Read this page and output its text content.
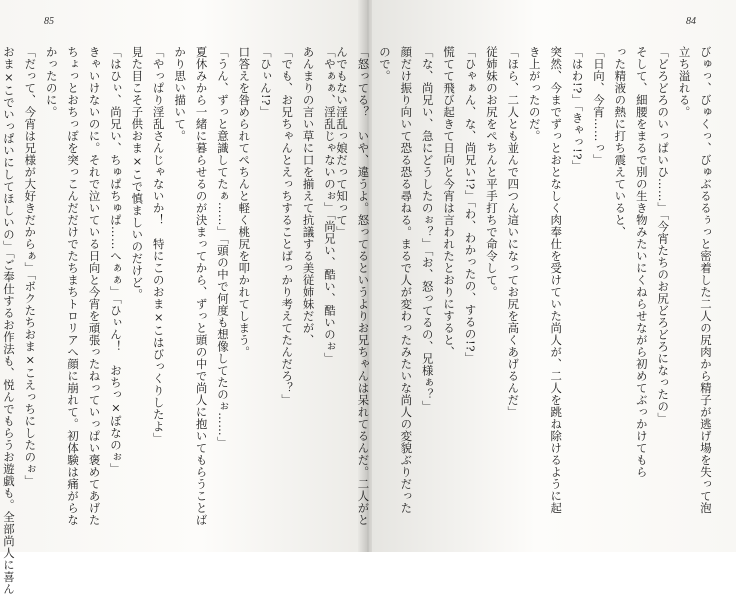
85
「やぁぁ、淫乱じゃないのぉ」「尚兄い、酷い、酷いのぉ」
あんまりの言い草に口を揃えて抗議する美従姉妹だが、
「でも、お兄ちゃんとえっちすることばっかり考えてたんだろ？」
「ひぃん!?」
口答えを咎められてぺちんと軽く桃尻を叩かれてしまう。
「うん、ずっと意識してたぁ……」「頭の中で何度も想像してたのぉ……」
夏休みから一緒に暮らせるのが決まってから、ずっと頭の中で尚人に抱いてもらうことば
かり思い描いて。
「やっぱり淫乱さんじゃないか！　特にこのおま×こはびっくりしたよ」
見た目こそ子供おま×こで慎ましいのだけど。
「はひぃ、尚兄い、ちゅぱちゅぱ……へぁぁ」「ひぃん！　おちっ×ぽなのぉ」
きゃいけないのに。それで泣いている日向と今宵を頑張ったねっていっぱい褒めてあげた
ちょっとおちっぽを突っこんだだけでたちまちトロリアへ顔に崩れて。初体験は痛がらな
かったのに。
「だって、今宵は兄様が大好きだからぁ」「ボクたちおま×こえっちにしたのぉ」
おま×こでいっぱいにしてほしいの」「ご奉仕するお作法も、悦んでもらうお遊戯も。全部尚人に喜ん
84
びゅっ、びゅくっ、びゅぶるるぅっと密着した二人の尻肉から精子が逃げ場を失って泡
立ち溢れる。
「どろどろのいっぱいひ……」「今宵たちのお尻どろどろになったの」
そして、細腰をまるで別の生き物みたいにくねらせながら初めてぶっかけてもら
った精液の熱に打ち震えていると、
「日向、今宵……っ」
「はわ!?」「きゃっ!?」
突然、今までずっとおとなしく肉奉仕を受けていた尚人が、二人を跳ね除けるように起
き上がったのだ。
「ほら、二人とも並んで四つん這いになってお尻を高くあげるんだ」
従姉妹のお尻をぺちんと平手打ちで命令して。
「ひゃぁん、な、尚兄い!?」「わ、わかったの、するの!?」
慌てて飛び起きて日向と今宵は言われたとおりにすると、
「な、尚兄い、急にどうしたのぉ？」「お、怒ってるの、兄様ぁ？」
顔だけ振り向いて恐る恐る尋ねる。まるで人が変わったみたいな尚人の変貌ぶりだった
ので。
「怒ってる？　いや、違うよ。怒ってるというよりお兄ちゃんは呆れてるんだ。二人がと
んでもない淫乱っ娘だって知って」
